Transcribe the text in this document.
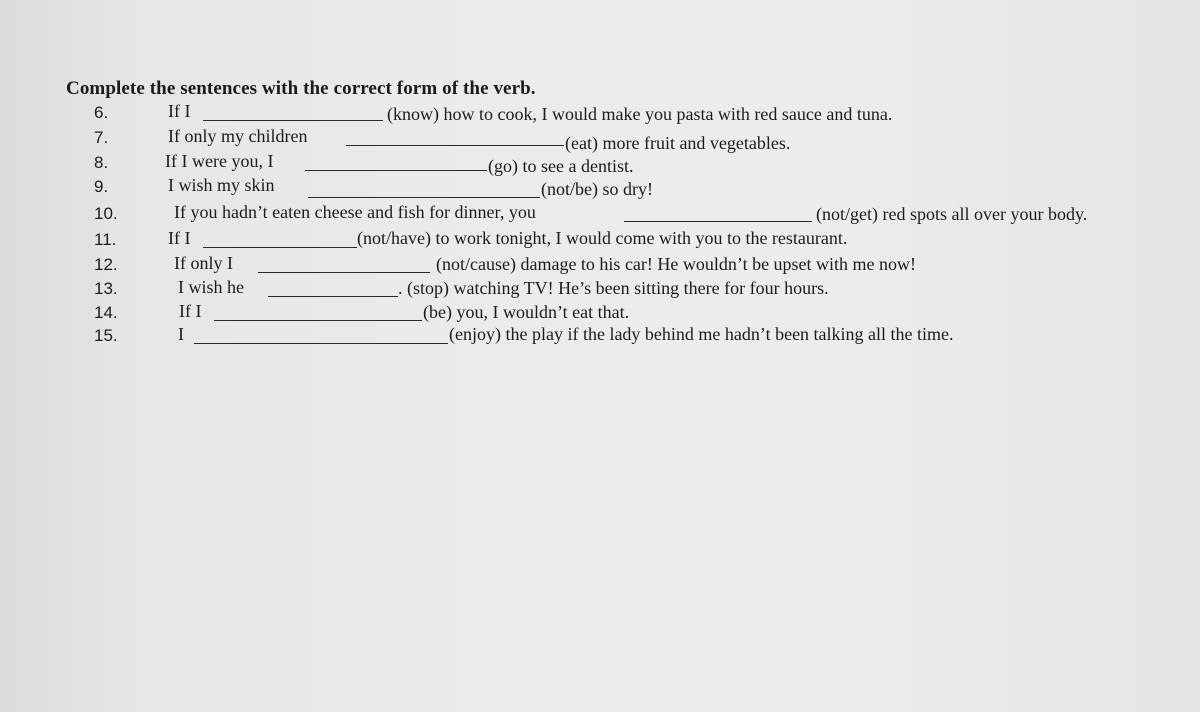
Complete the sentences with the correct form of the verb.
6.	If I	(know) how to cook, I would make you pasta with red sauce and tuna.
7.	If only my children	(eat) more fruit and vegetables.
8.	If I were you, I	(go) to see a dentist.
9.	I wish my skin	(not/be) so dry!
10.	If you hadn’t eaten cheese and fish for dinner, you	(not/get) red spots all over your body.
11.	If I	(not/have) to work tonight, I would come with you to the restaurant.
12.	If only I	(not/cause) damage to his car! He wouldn’t be upset with me now!
13.	I wish he	. (stop) watching TV! He’s been sitting there for four hours.
14.	If I	(be) you, I wouldn’t eat that.
15.	I	(enjoy) the play if the lady behind me hadn’t been talking all the time.
